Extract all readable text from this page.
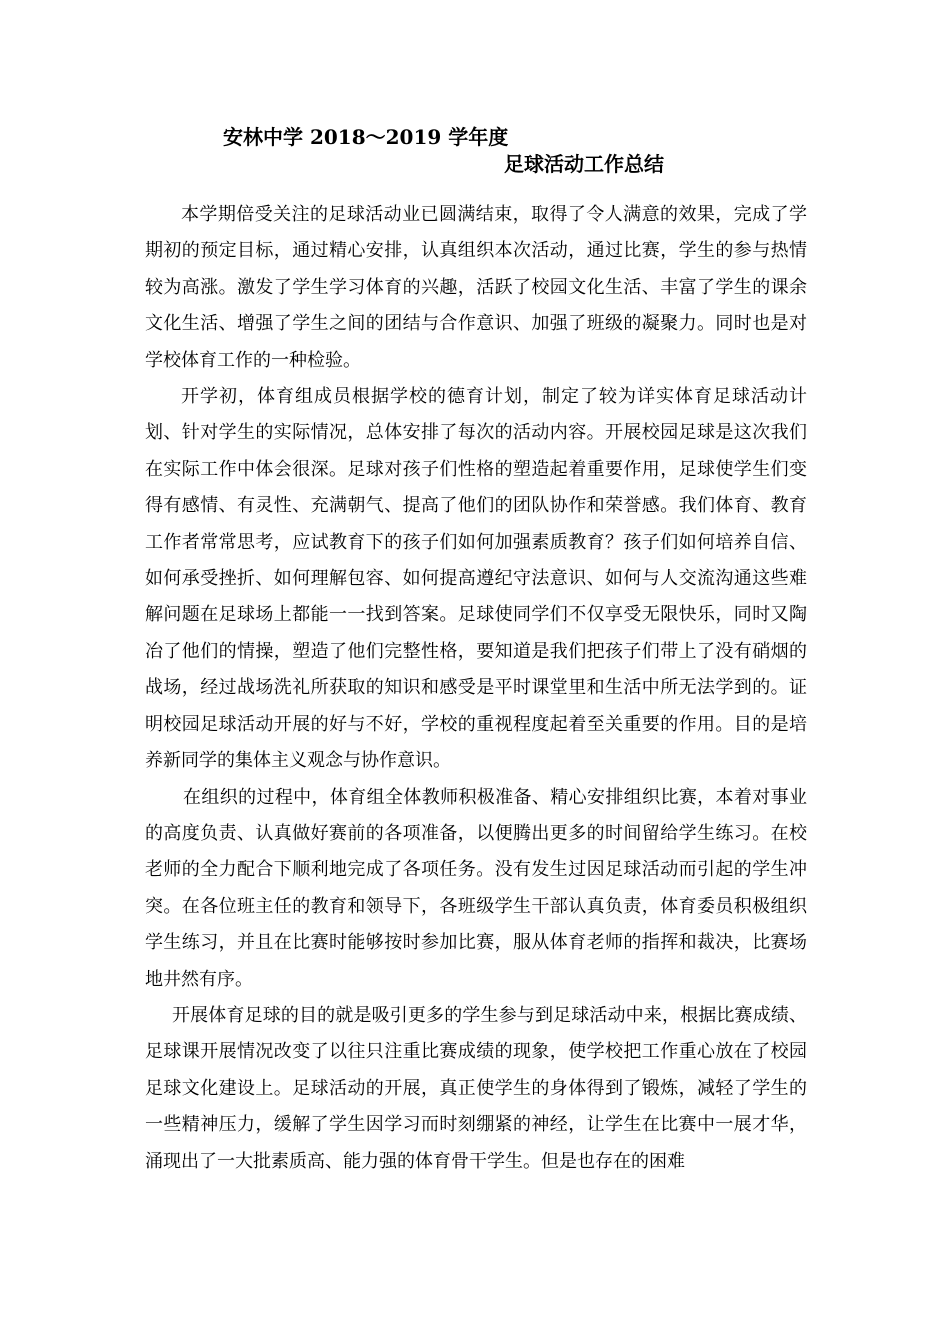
安林中学 2018～2019 学年度
足球活动工作总结

本学期倍受关注的足球活动业已圆满结束，取得了令人满意的效果，完成了学期初的预定目标，通过精心安排，认真组织本次活动，通过比赛，学生的参与热情较为高涨。激发了学生学习体育的兴趣，活跃了校园文化生活、丰富了学生的课余文化生活、增强了学生之间的团结与合作意识、加强了班级的凝聚力。同时也是对学校体育工作的一种检验。

开学初，体育组成员根据学校的德育计划，制定了较为详实体育足球活动计划、针对学生的实际情况，总体安排了每次的活动内容。开展校园足球是这次我们在实际工作中体会很深。足球对孩子们性格的塑造起着重要作用，足球使学生们变得有感情、有灵性、充满朝气、提高了他们的团队协作和荣誉感。我们体育、教育工作者常常思考，应试教育下的孩子们如何加强素质教育？孩子们如何培养自信、如何承受挫折、如何理解包容、如何提高遵纪守法意识、如何与人交流沟通这些难解问题在足球场上都能一一找到答案。足球使同学们不仅享受无限快乐，同时又陶冶了他们的情操，塑造了他们完整性格，要知道是我们把孩子们带上了没有硝烟的战场，经过战场洗礼所获取的知识和感受是平时课堂里和生活中所无法学到的。证明校园足球活动开展的好与不好，学校的重视程度起着至关重要的作用。目的是培养新同学的集体主义观念与协作意识。

在组织的过程中，体育组全体教师积极准备、精心安排组织比赛，本着对事业的高度负责、认真做好赛前的各项准备，以便腾出更多的时间留给学生练习。在校老师的全力配合下顺利地完成了各项任务。没有发生过因足球活动而引起的学生冲突。在各位班主任的教育和领导下，各班级学生干部认真负责，体育委员积极组织学生练习，并且在比赛时能够按时参加比赛，服从体育老师的指挥和裁决，比赛场地井然有序。

开展体育足球的目的就是吸引更多的学生参与到足球活动中来，根据比赛成绩、足球课开展情况改变了以往只注重比赛成绩的现象，使学校把工作重心放在了校园足球文化建设上。足球活动的开展，真正使学生的身体得到了锻炼，减轻了学生的一些精神压力，缓解了学生因学习而时刻绷紧的神经，让学生在比赛中一展才华，涌现出了一大批素质高、能力强的体育骨干学生。但是也存在的困难
